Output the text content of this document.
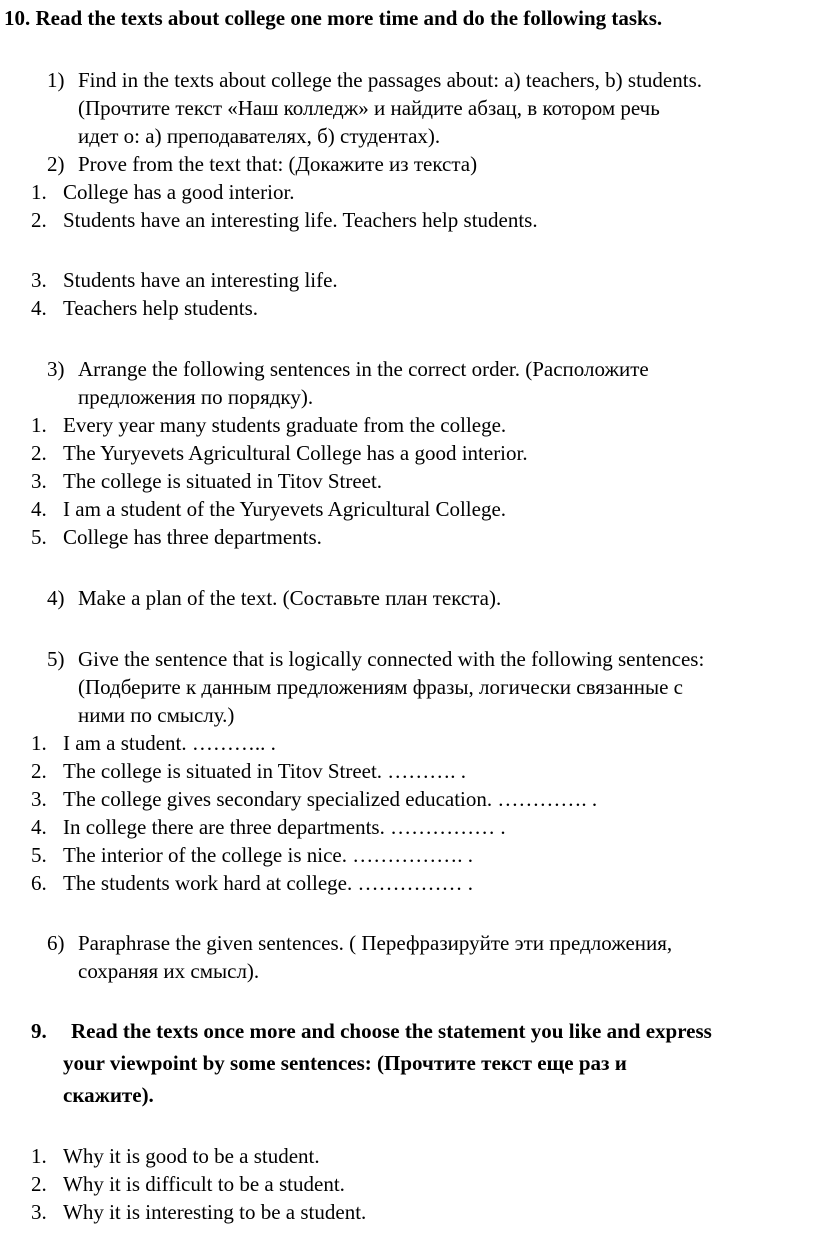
10. Read the texts about college one more time and do the following tasks.
1) Find in the texts about college the passages about: a) teachers, b) students.
(Прочтите текст «Наш колледж» и найдите абзац, в котором речь
идет о: а) преподавателях, б) студентах).
2) Prove from the text that: (Докажите из текста)
1. College has a good interior.
2. Students have an interesting life. Teachers help students.
3. Students have an interesting life.
4. Teachers help students.
3) Arrange the following sentences in the correct order. (Расположите
предложения по порядку).
1. Every year many students graduate from the college.
2. The Yuryevets Agricultural College has a good interior.
3. The college is situated in Titov Street.
4. I am a student of the Yuryevets Agricultural College.
5. College has three departments.
4) Make a plan of the text. (Составьте план текста).
5) Give the sentence that is logically connected with the following sentences:
(Подберите к данным предложениям фразы, логически связанные с
ними по смыслу.)
1. I am a student. ……….. .
2. The college is situated in Titov Street. ………. .
3. The college gives secondary specialized education. …………. .
4. In college there are three departments. …………… .
5. The interior of the college is nice. ……………. .
6. The students work hard at college. …………… .
6) Paraphrase the given sentences. ( Перефразируйте эти предложения,
сохраняя их смысл).
9. Read the texts once more and choose the statement you like and express
your viewpoint by some sentences: (Прочтите текст еще раз и
скажите).
1. Why it is good to be a student.
2. Why it is difficult to be a student.
3. Why it is interesting to be a student.
